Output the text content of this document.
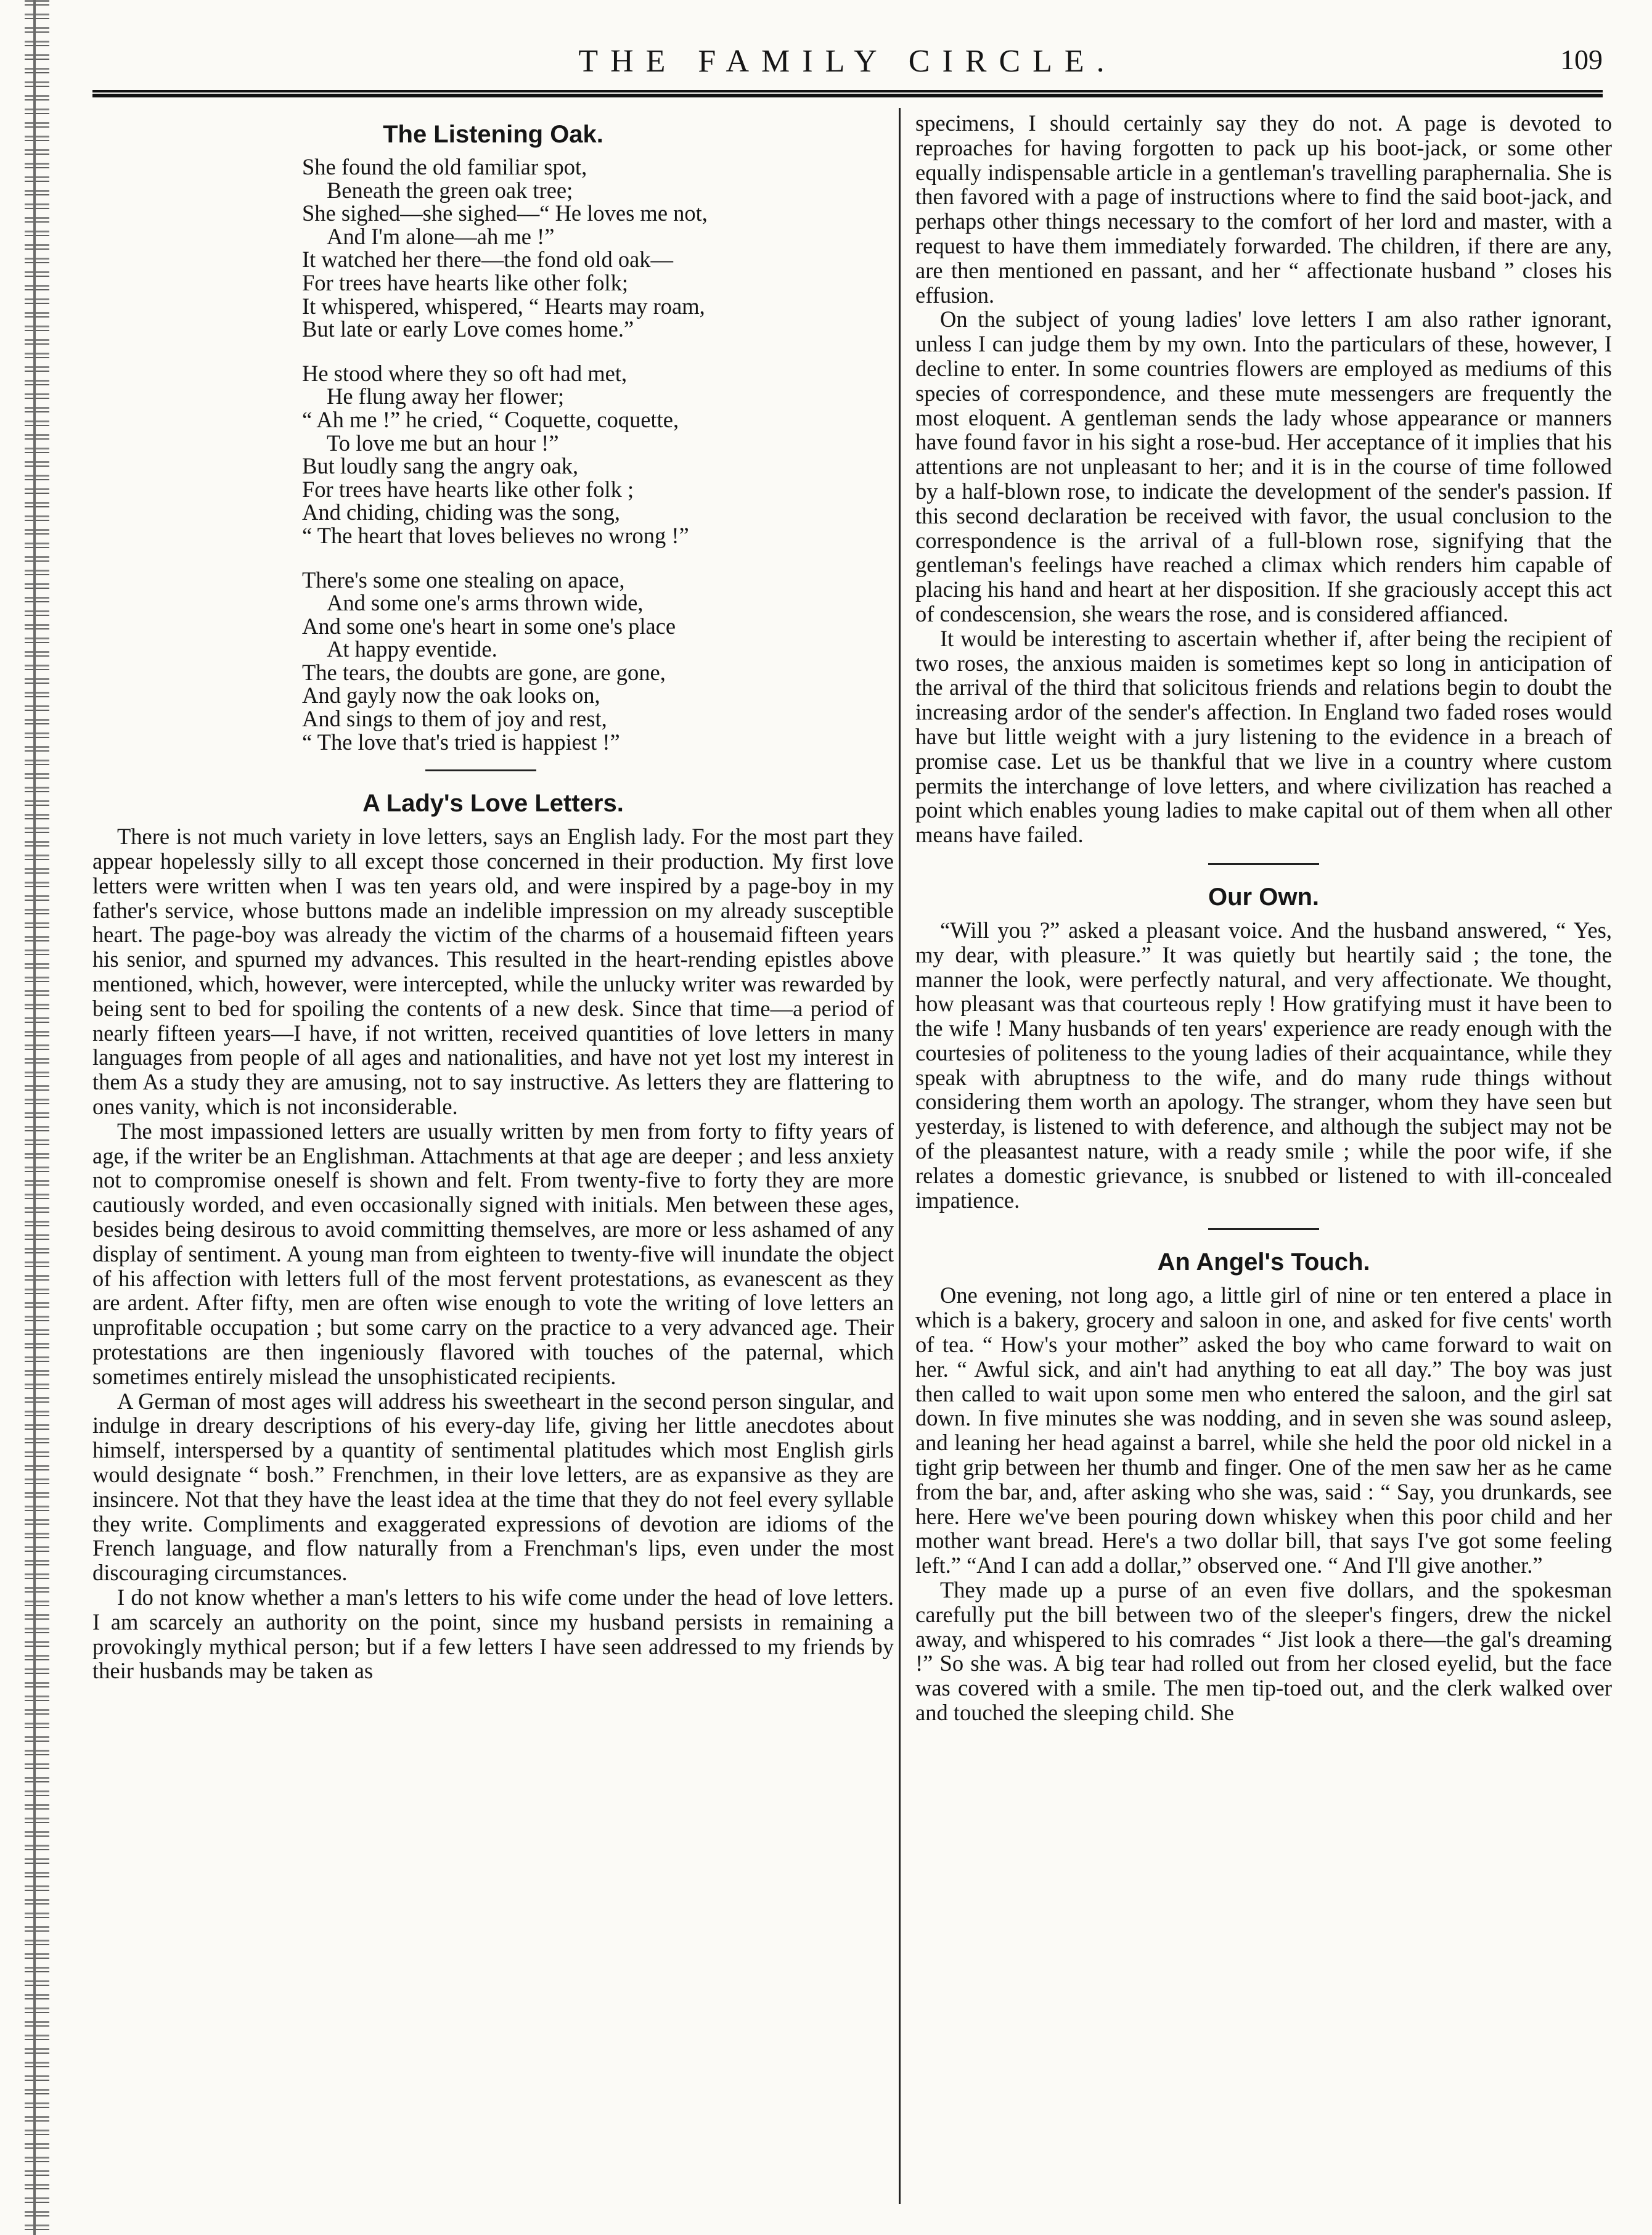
THE FAMILY CIRCLE.	109
The Listening Oak.

She found the old familiar spot,

Beneath the green oak tree;

She sighed—she sighed—“ He loves me not,

And I'm alone—ah me !”

It watched her there—the fond old oak—

For trees have hearts like other folk;

It whispered, whispered, “ Hearts may roam,

But late or early Love comes home.”

He stood where they so oft had met,

He flung away her flower;

“ Ah me !” he cried, “ Coquette, coquette,

To love me but an hour !”

But loudly sang the angry oak,

For trees have hearts like other folk ;

And chiding, chiding was the song,

“ The heart that loves believes no wrong !”

There's some one stealing on apace,

And some one's arms thrown wide,

And some one's heart in some one's place

At happy eventide.

The tears, the doubts are gone, are gone,

And gayly now the oak looks on,

And sings to them of joy and rest,

“ The love that's tried is happiest !”

A Lady's Love Letters.

There is not much variety in love letters, says an English lady. For the most part they appear hopelessly silly to all except those concerned in their production. My first love letters were written when I was ten years old, and were inspired by a page-boy in my father's service, whose buttons made an indelible impression on my already susceptible heart. The page-boy was already the victim of the charms of a housemaid fifteen years his senior, and spurned my advances. This resulted in the heart-rending epistles above mentioned, which, however, were intercepted, while the unlucky writer was rewarded by being sent to bed for spoiling the contents of a new desk. Since that time—a period of nearly fifteen years—I have, if not written, received quantities of love letters in many languages from people of all ages and nationalities, and have not yet lost my interest in them As a study they are amusing, not to say instructive. As letters they are flattering to ones vanity, which is not inconsiderable.

The most impassioned letters are usually written by men from forty to fifty years of age, if the writer be an Englishman. Attachments at that age are deeper ; and less anxiety not to compromise oneself is shown and felt. From twenty-five to forty they are more cautiously worded, and even occasionally signed with initials. Men between these ages, besides being desirous to avoid committing themselves, are more or less ashamed of any display of sentiment. A young man from eighteen to twenty-five will inundate the object of his affection with letters full of the most fervent protestations, as evanescent as they are ardent. After fifty, men are often wise enough to vote the writing of love letters an unprofitable occupation ; but some carry on the practice to a very advanced age. Their protestations are then ingeniously flavored with touches of the paternal, which sometimes entirely mislead the unsophisticated recipients.

A German of most ages will address his sweetheart in the second person singular, and indulge in dreary descriptions of his every-day life, giving her little anecdotes about himself, interspersed by a quantity of sentimental platitudes which most English girls would designate “ bosh.” Frenchmen, in their love letters, are as expansive as they are insincere. Not that they have the least idea at the time that they do not feel every syllable they write. Compliments and exaggerated expressions of devotion are idioms of the French language, and flow naturally from a Frenchman's lips, even under the most discouraging circumstances.

I do not know whether a man's letters to his wife come under the head of love letters. I am scarcely an authority on the point, since my husband persists in remaining a provokingly mythical person; but if a few letters I have seen addressed to my friends by their husbands may be taken as

specimens, I should certainly say they do not. A page is devoted to reproaches for having forgotten to pack up his boot-jack, or some other equally indispensable article in a gentleman's travelling paraphernalia. She is then favored with a page of instructions where to find the said boot-jack, and perhaps other things necessary to the comfort of her lord and master, with a request to have them immediately forwarded. The children, if there are any, are then mentioned en passant, and her “ affectionate husband ” closes his effusion.

On the subject of young ladies' love letters I am also rather ignorant, unless I can judge them by my own. Into the particulars of these, however, I decline to enter. In some countries flowers are employed as mediums of this species of correspondence, and these mute messengers are frequently the most eloquent. A gentleman sends the lady whose appearance or manners have found favor in his sight a rose-bud. Her acceptance of it implies that his attentions are not unpleasant to her; and it is in the course of time followed by a half-blown rose, to indicate the development of the sender's passion. If this second declaration be received with favor, the usual conclusion to the correspondence is the arrival of a full-blown rose, signifying that the gentleman's feelings have reached a climax which renders him capable of placing his hand and heart at her disposition. If she graciously accept this act of condescension, she wears the rose, and is considered affianced.

It would be interesting to ascertain whether if, after being the recipient of two roses, the anxious maiden is sometimes kept so long in anticipation of the arrival of the third that solicitous friends and relations begin to doubt the increasing ardor of the sender's affection. In England two faded roses would have but little weight with a jury listening to the evidence in a breach of promise case. Let us be thankful that we live in a country where custom permits the interchange of love letters, and where civilization has reached a point which enables young ladies to make capital out of them when all other means have failed.

Our Own.

“Will you ?” asked a pleasant voice. And the husband answered, “ Yes, my dear, with pleasure.” It was quietly but heartily said ; the tone, the manner the look, were perfectly natural, and very affectionate. We thought, how pleasant was that courteous reply ! How gratifying must it have been to the wife ! Many husbands of ten years' experience are ready enough with the courtesies of politeness to the young ladies of their acquaintance, while they speak with abruptness to the wife, and do many rude things without considering them worth an apology. The stranger, whom they have seen but yesterday, is listened to with deference, and although the subject may not be of the pleasantest nature, with a ready smile ; while the poor wife, if she relates a domestic grievance, is snubbed or listened to with ill-concealed impatience.

An Angel's Touch.

One evening, not long ago, a little girl of nine or ten entered a place in which is a bakery, grocery and saloon in one, and asked for five cents' worth of tea. “ How's your mother” asked the boy who came forward to wait on her. “ Awful sick, and ain't had anything to eat all day.” The boy was just then called to wait upon some men who entered the saloon, and the girl sat down. In five minutes she was nodding, and in seven she was sound asleep, and leaning her head against a barrel, while she held the poor old nickel in a tight grip between her thumb and finger. One of the men saw her as he came from the bar, and, after asking who she was, said : “ Say, you drunkards, see here. Here we've been pouring down whiskey when this poor child and her mother want bread. Here's a two dollar bill, that says I've got some feeling left.” “And I can add a dollar,” observed one. “ And I'll give another.”

They made up a purse of an even five dollars, and the spokesman carefully put the bill between two of the sleeper's fingers, drew the nickel away, and whispered to his comrades “ Jist look a there—the gal's dreaming !” So she was. A big tear had rolled out from her closed eyelid, but the face was covered with a smile. The men tip-toed out, and the clerk walked over and touched the sleeping child. She
